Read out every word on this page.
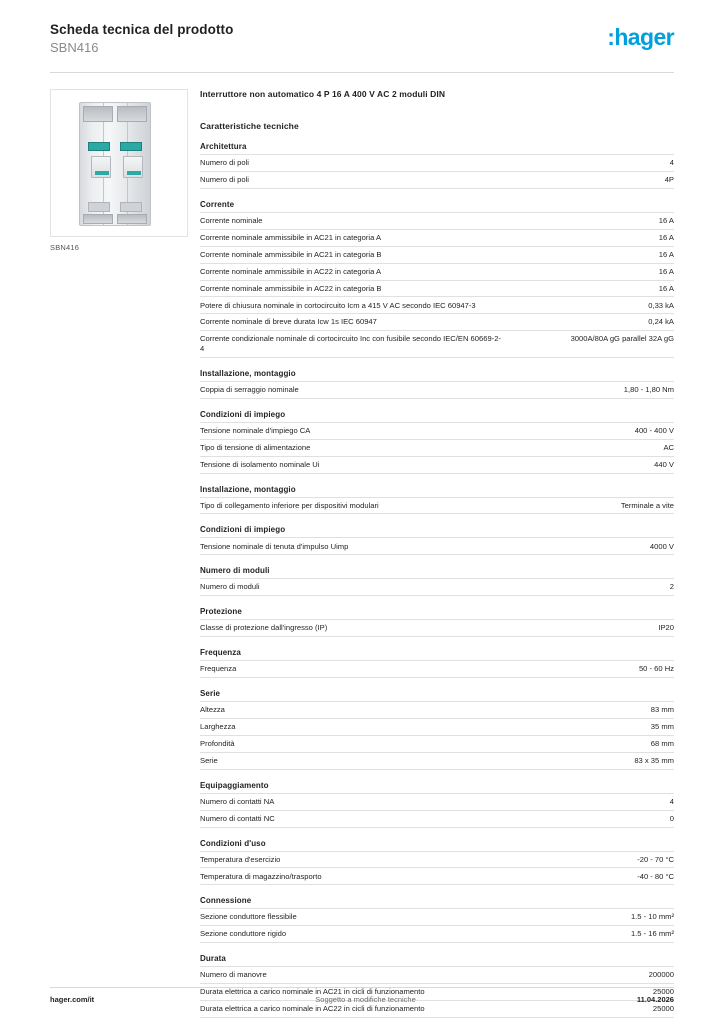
Scheda tecnica del prodotto
SBN416	:hager
SBN416
Interruttore non automatico 4 P 16 A 400 V AC 2 moduli DIN
Caratteristiche tecniche
Architettura
Numero di poli	4
Numero di poli	4P
Corrente
Corrente nominale	16 A
Corrente nominale ammissibile in AC21 in categoria A	16 A
Corrente nominale ammissibile in AC21 in categoria B	16 A
Corrente nominale ammissibile in AC22 in categoria A	16 A
Corrente nominale ammissibile in AC22 in categoria B	16 A
Potere di chiusura nominale in cortocircuito Icm a 415 V AC secondo IEC 60947-3	0,33 kA
Corrente nominale di breve durata Icw 1s IEC 60947	0,24 kA
Corrente condizionale nominale di cortocircuito Inc con fusibile secondo IEC/EN 60669-2-4	3000A/80A gG parallel 32A gG
Installazione, montaggio
Coppia di serraggio nominale	1,80 - 1,80 Nm
Condizioni di impiego
Tensione nominale d'impiego CA	400 - 400 V
Tipo di tensione di alimentazione	AC
Tensione di isolamento nominale Ui	440 V
Installazione, montaggio
Tipo di collegamento inferiore per dispositivi modulari	Terminale a vite
Condizioni di impiego
Tensione nominale di tenuta d'impulso Uimp	4000 V
Numero di moduli
Numero di moduli	2
Protezione
Classe di protezione dall'ingresso (IP)	IP20
Frequenza
Frequenza	50 - 60 Hz
Serie
Altezza	83 mm
Larghezza	35 mm
Profondità	68 mm
Serie	83 x 35 mm
Equipaggiamento
Numero di contatti NA	4
Numero di contatti NC	0
Condizioni d'uso
Temperatura d'esercizio	-20 - 70 °C
Temperatura di magazzino/trasporto	-40 - 80 °C
Connessione
Sezione conduttore flessibile	1.5 - 10 mm²
Sezione conduttore rigido	1.5 - 16 mm²
Durata
Numero di manovre	200000
Durata elettrica a carico nominale in AC21 in cicli di funzionamento	25000
Durata elettrica a carico nominale in AC22 in cicli di funzionamento	25000
hager.com/it	Soggetto a modifiche tecniche	11.04.2026
